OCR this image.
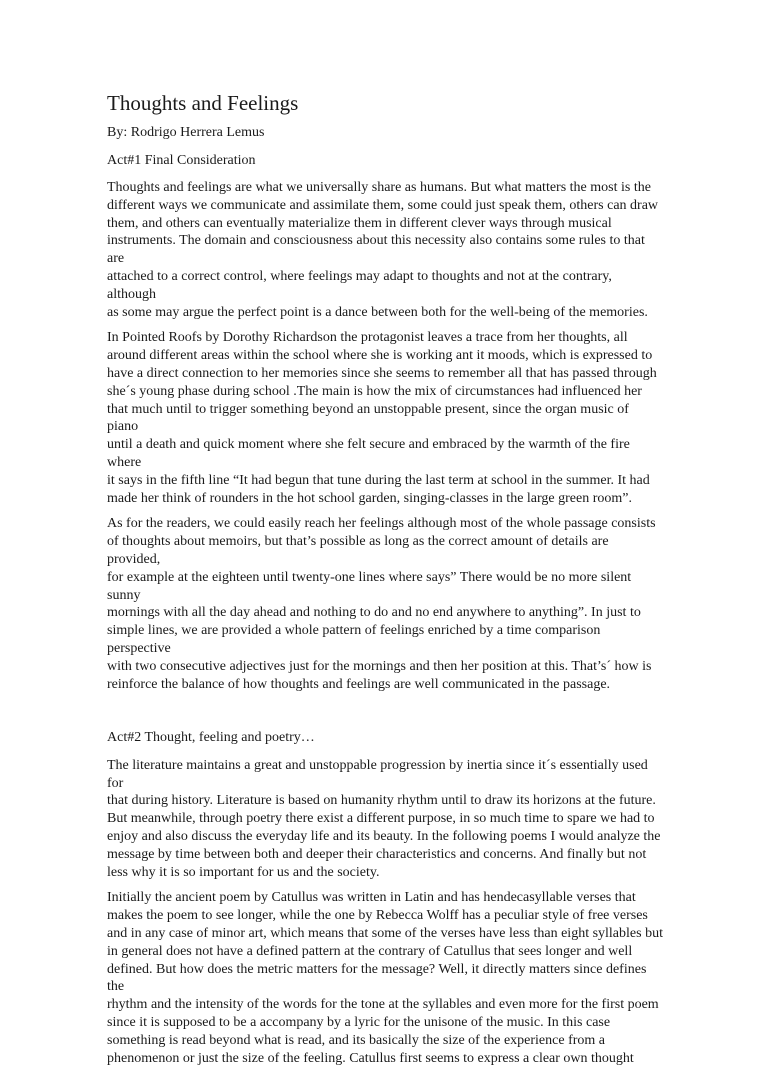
Thoughts and Feelings

By: Rodrigo Herrera Lemus

Act#1 Final Consideration

Thoughts and feelings are what we universally share as humans. But what matters the most is the
different ways we communicate and assimilate them, some could just speak them, others can draw
them, and others can eventually materialize them in different clever ways through musical
instruments. The domain and consciousness about this necessity also contains some rules to that are
attached to a correct control, where feelings may adapt to thoughts and not at the contrary, although
as some may argue the perfect point is a dance between both for the well-being of the memories.

In Pointed Roofs by Dorothy Richardson the protagonist leaves a trace from her thoughts, all
around different areas within the school where she is working ant it moods, which is expressed to
have a direct connection to her memories since she seems to remember all that has passed through
she´s young phase during school .The main is how the mix of circumstances had influenced her
that much until to trigger something beyond an unstoppable present, since the organ music of piano
until a death and quick moment where she felt secure and embraced by the warmth of the fire where
it says in the fifth line “It had begun that tune during the last term at school in the summer. It had
made her think of rounders in the hot school garden, singing-classes in the large green room”.

As for the readers, we could easily reach her feelings although most of the whole passage consists
of thoughts about memoirs, but that’s possible as long as the correct amount of details are provided,
for example at the eighteen until twenty-one lines where says” There would be no more silent sunny
mornings with all the day ahead and nothing to do and no end anywhere to anything”. In just to
simple lines, we are provided a whole pattern of feelings enriched by a time comparison perspective
with two consecutive adjectives just for the mornings and then her position at this. That’s´ how is
reinforce the balance of how thoughts and feelings are well communicated in the passage.

Act#2 Thought, feeling and poetry…

The literature maintains a great and unstoppable progression by inertia since it´s essentially used for
that during history. Literature is based on humanity rhythm until to draw its horizons at the future.
But meanwhile, through poetry there exist a different purpose, in so much time to spare we had to
enjoy and also discuss the everyday life and its beauty. In the following poems I would analyze the
message by time between both and deeper their characteristics and concerns. And finally but not
less why it is so important for us and the society.

Initially the ancient poem by Catullus was written in Latin and has hendecasyllable verses that
makes the poem to see longer, while the one by Rebecca Wolff has a peculiar style of free verses
and in any case of minor art, which means that some of the verses have less than eight syllables but
in general does not have a defined pattern at the contrary of Catullus that sees longer and well
defined. But how does the metric matters for the message? Well, it directly matters since defines the
rhythm and the intensity of the words for the tone at the syllables and even more for the first poem
since it is supposed to be a accompany by a lyric for the unisone of the music. In this case
something is read beyond what is read, and its basically the size of the experience from a
phenomenon or just the size of the feeling. Catullus first seems to express a clear own thought
